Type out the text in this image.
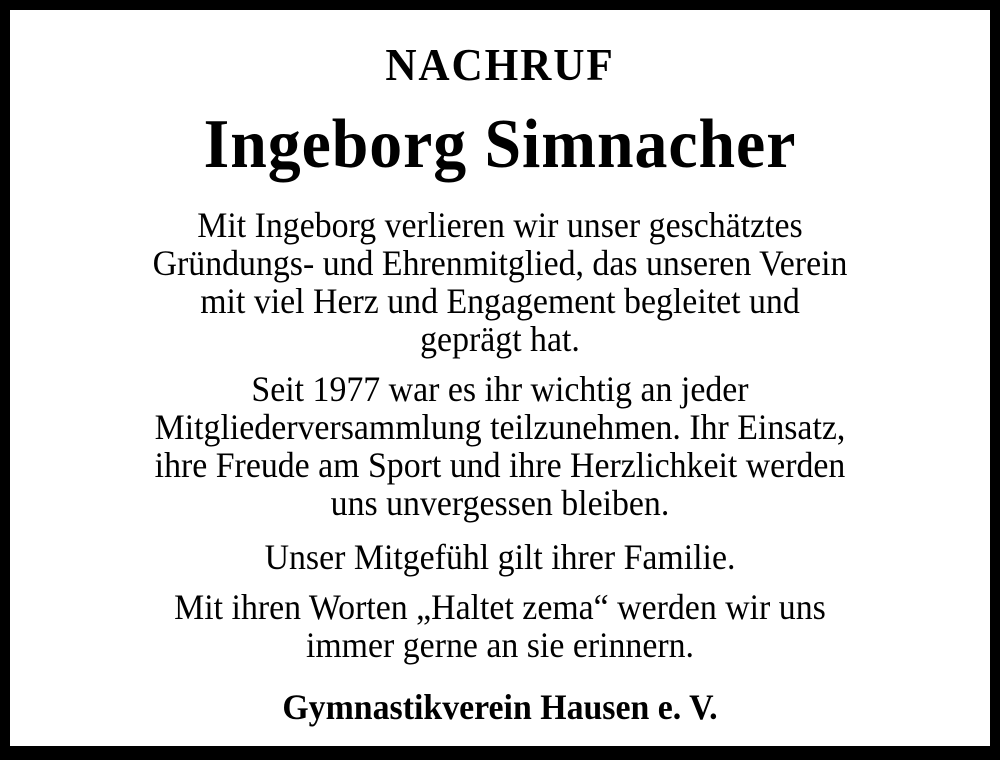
NACHRUF
Ingeborg Simnacher

Mit Ingeborg verlieren wir unser geschätztes
Gründungs- und Ehrenmitglied, das unseren Verein
mit viel Herz und Engagement begleitet und
geprägt hat.

Seit 1977 war es ihr wichtig an jeder
Mitgliederversammlung teilzunehmen. Ihr Einsatz,
ihre Freude am Sport und ihre Herzlichkeit werden
uns unvergessen bleiben.

Unser Mitgefühl gilt ihrer Familie.

Mit ihren Worten „Haltet zema“ werden wir uns
immer gerne an sie erinnern.

Gymnastikverein Hausen e. V.
